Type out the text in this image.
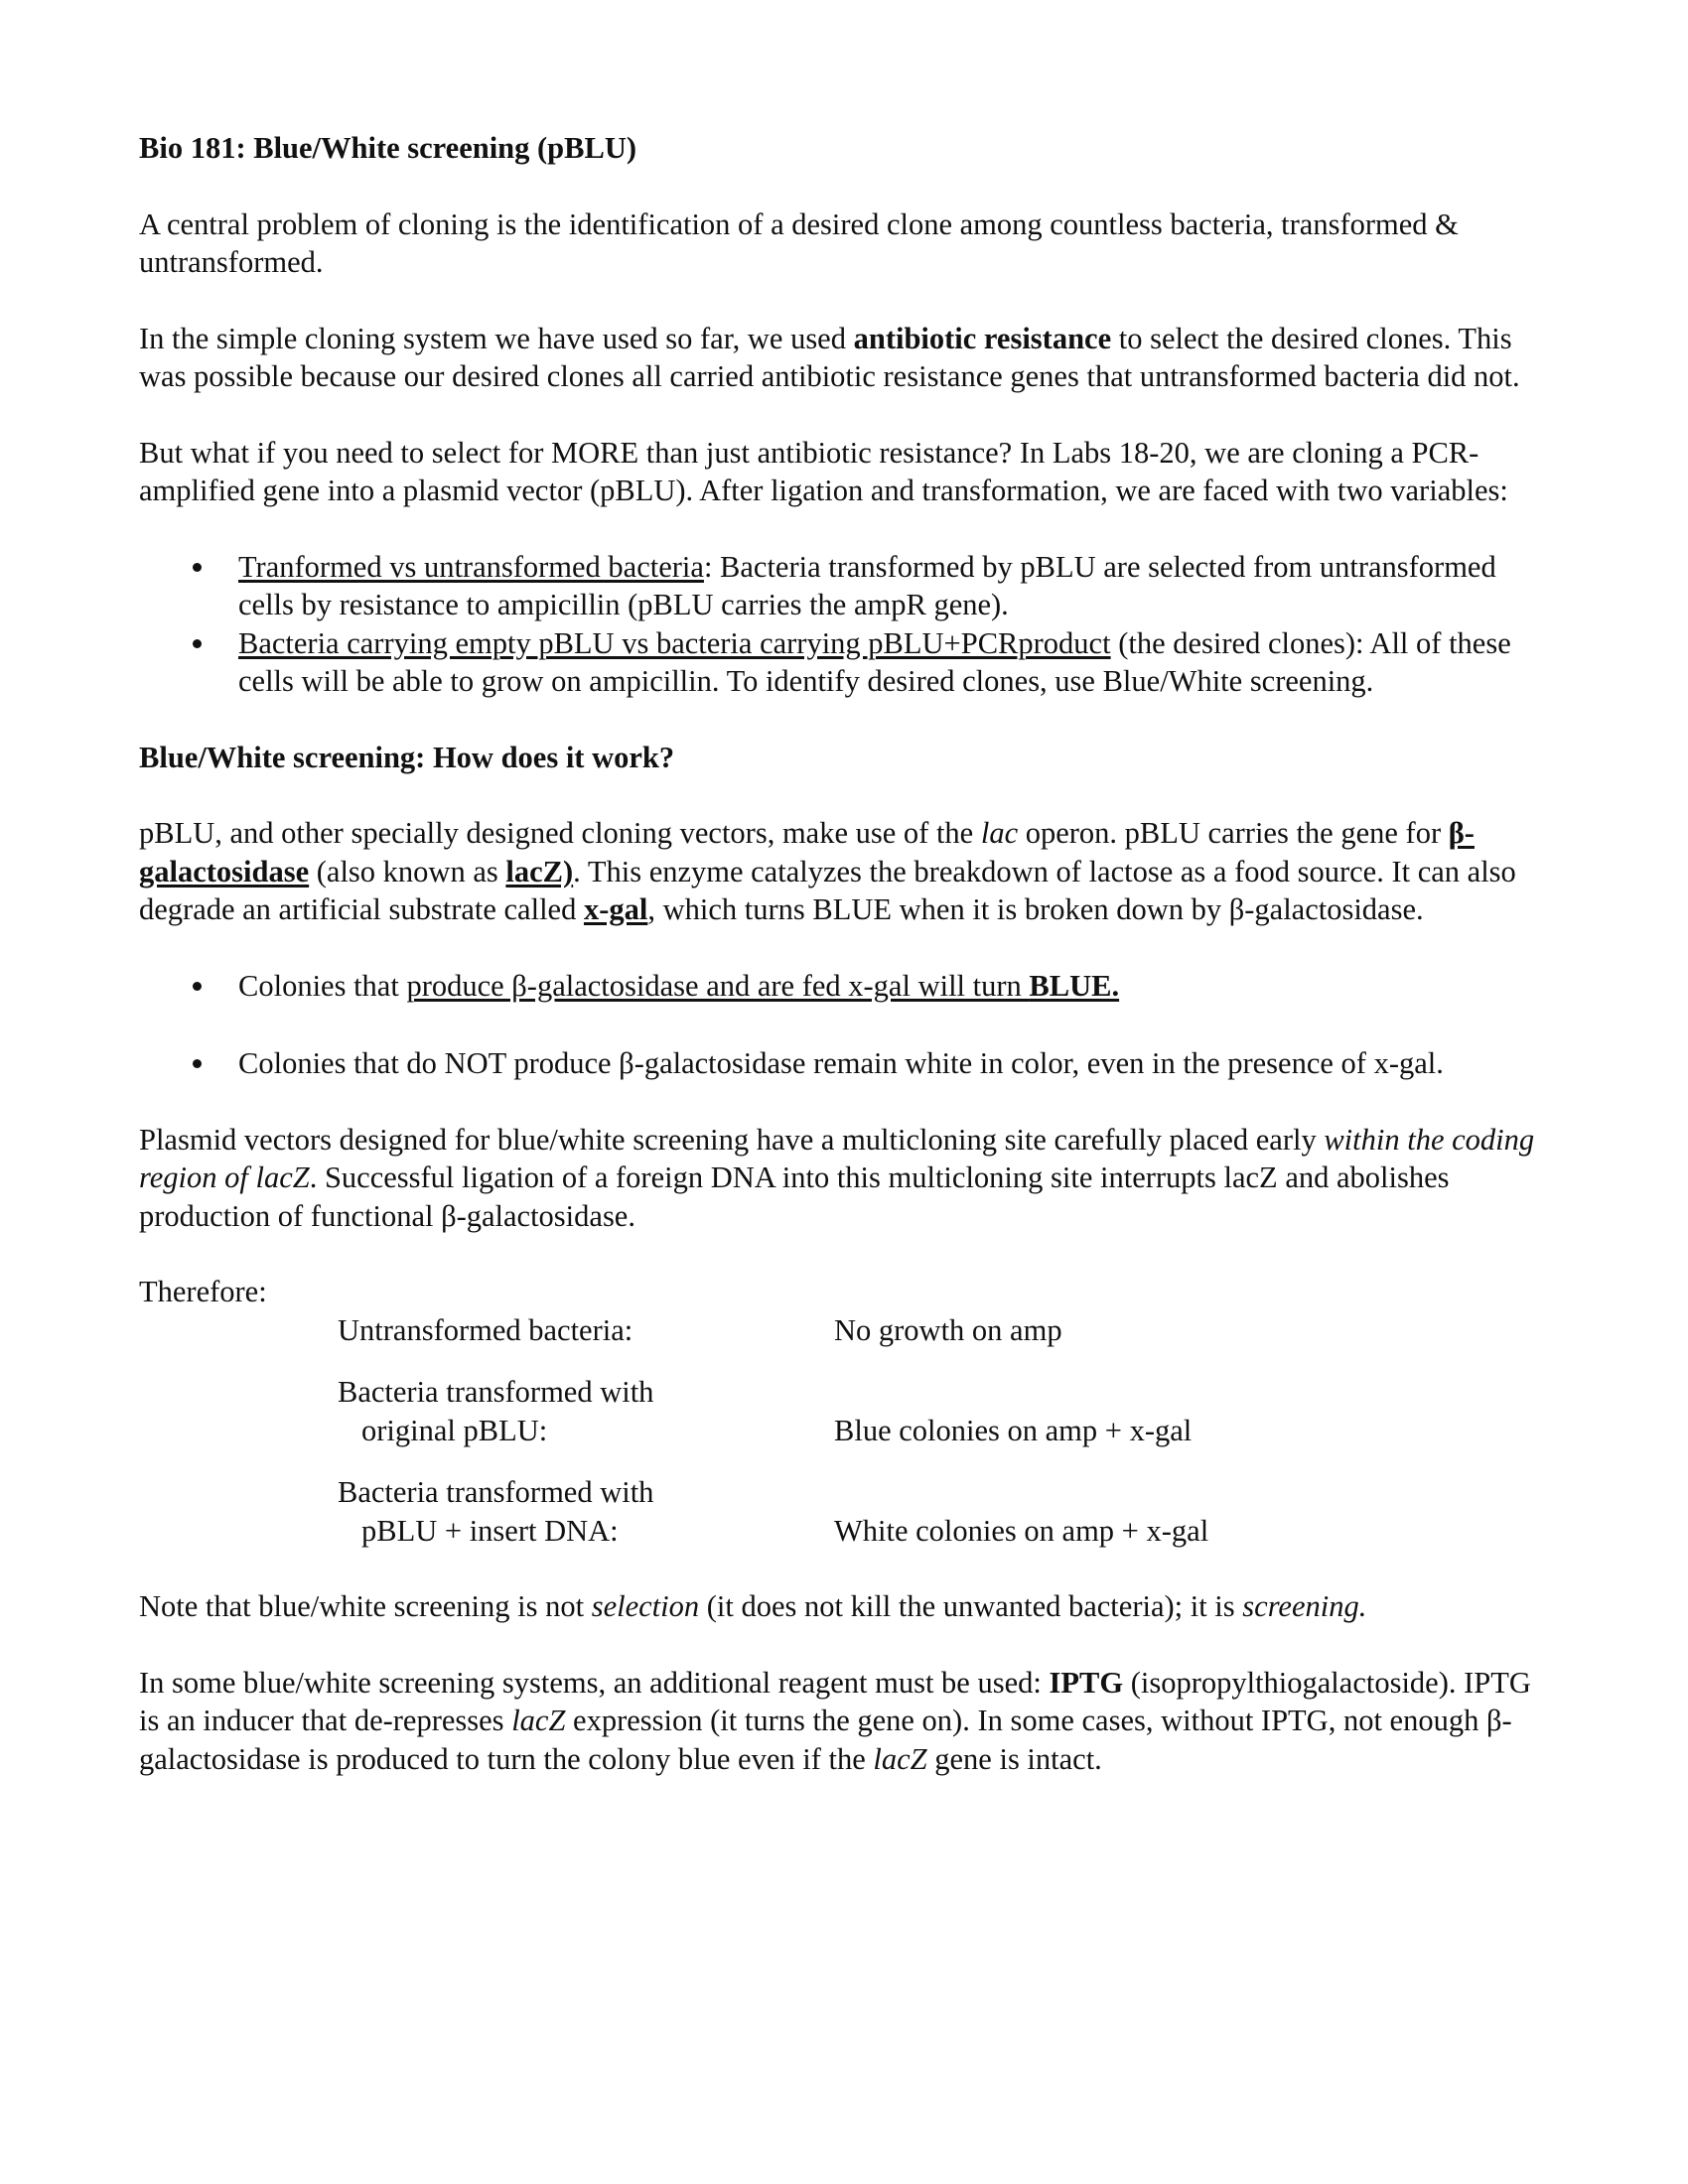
Bio 181: Blue/White screening (pBLU)

A central problem of cloning is the identification of a desired clone among countless bacteria, transformed & untransformed.

In the simple cloning system we have used so far, we used antibiotic resistance to select the desired clones. This was possible because our desired clones all carried antibiotic resistance genes that untransformed bacteria did not.

But what if you need to select for MORE than just antibiotic resistance? In Labs 18-20, we are cloning a PCR-amplified gene into a plasmid vector (pBLU). After ligation and transformation, we are faced with two variables:

Tranformed vs untransformed bacteria: Bacteria transformed by pBLU are selected from untransformed cells by resistance to ampicillin (pBLU carries the ampR gene).
Bacteria carrying empty pBLU vs bacteria carrying pBLU+PCRproduct (the desired clones): All of these cells will be able to grow on ampicillin. To identify desired clones, use Blue/White screening.

Blue/White screening: How does it work?

pBLU, and other specially designed cloning vectors, make use of the lac operon. pBLU carries the gene for β-galactosidase (also known as lacZ). This enzyme catalyzes the breakdown of lactose as a food source. It can also degrade an artificial substrate called x-gal, which turns BLUE when it is broken down by β-galactosidase.

Colonies that produce β-galactosidase and are fed x-gal will turn BLUE.
Colonies that do NOT produce β-galactosidase remain white in color, even in the presence of x-gal.

Plasmid vectors designed for blue/white screening have a multicloning site carefully placed early within the coding region of lacZ. Successful ligation of a foreign DNA into this multicloning site interrupts lacZ and abolishes production of functional β-galactosidase.

Therefore:

Untransformed bacteria:	No growth on amp
Bacteria transformed with
original pBLU:	Blue colonies on amp + x-gal
Bacteria transformed with
pBLU + insert DNA:	White colonies on amp + x-gal

Note that blue/white screening is not selection (it does not kill the unwanted bacteria); it is screening.

In some blue/white screening systems, an additional reagent must be used: IPTG (isopropylthiogalactoside). IPTG is an inducer that de-represses lacZ expression (it turns the gene on). In some cases, without IPTG, not enough β-galactosidase is produced to turn the colony blue even if the lacZ gene is intact.
